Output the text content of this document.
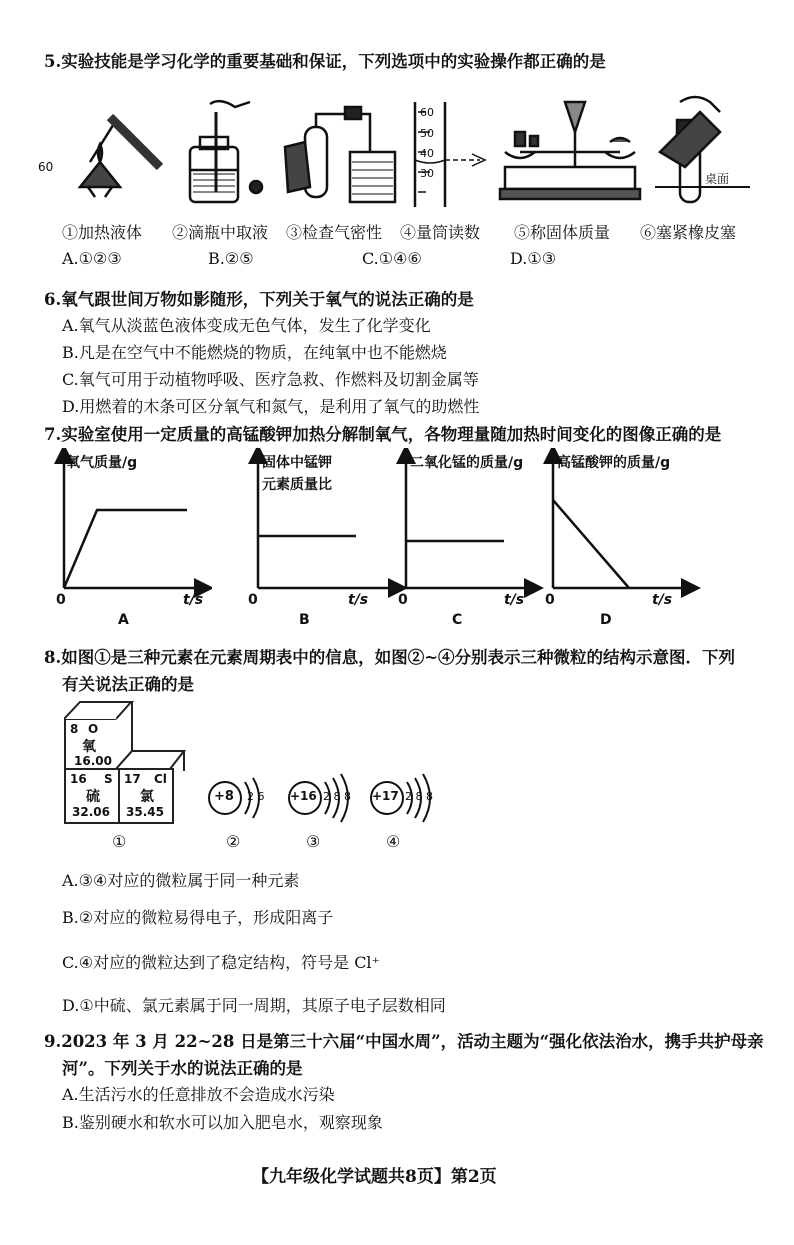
5.实验技能是学习化学的重要基础和保证，下列选项中的实验操作都正确的是
60
60
50
40
30	桌面
①加热液体 ②滴瓶中取液 ③检查气密性 ④量筒读数 ⑤称固体质量 ⑥塞紧橡皮塞
A.①②③	B.②⑤	C.①④⑥	D.①③
6.氧气跟世间万物如影随形，下列关于氧气的说法正确的是
A.氧气从淡蓝色液体变成无色气体，发生了化学变化
B.凡是在空气中不能燃烧的物质，在纯氧中也不能燃烧
C.氧气可用于动植物呼吸、医疗急救、作燃料及切割金属等
D.用燃着的木条可区分氧气和氮气，是利用了氧气的助燃性
7.实验室使用一定质量的高锰酸钾加热分解制氧气，各物理量随加热时间变化的图像正确的是
氧气质量/g
0	t/s
A
固体中锰钾
元素质量比
0	t/s
B
二氧化锰的质量/g
0	t/s
C
高锰酸钾的质量/g
0	t/s
D
8.如图①是三种元素在元素周期表中的信息，如图②~④分别表示三种微粒的结构示意图．下列
有关说法正确的是
8 O
氧
16.00
16 S
硫
32.06
17 Cl
氯
35.45
+8 2 6 +16 2 8 8 +17 2 8 8
①	②	③	④
A.③④对应的微粒属于同一种元素
B.②对应的微粒易得电子，形成阳离子
C.④对应的微粒达到了稳定结构，符号是 Cl⁺
D.①中硫、氯元素属于同一周期，其原子电子层数相同
9.2023 年 3 月 22~28 日是第三十六届“中国水周”，活动主题为“强化依法治水，携手共护母亲
河”。下列关于水的说法正确的是
A.生活污水的任意排放不会造成水污染
B.鉴别硬水和软水可以加入肥皂水，观察现象
【九年级化学试题共8页】第2页
